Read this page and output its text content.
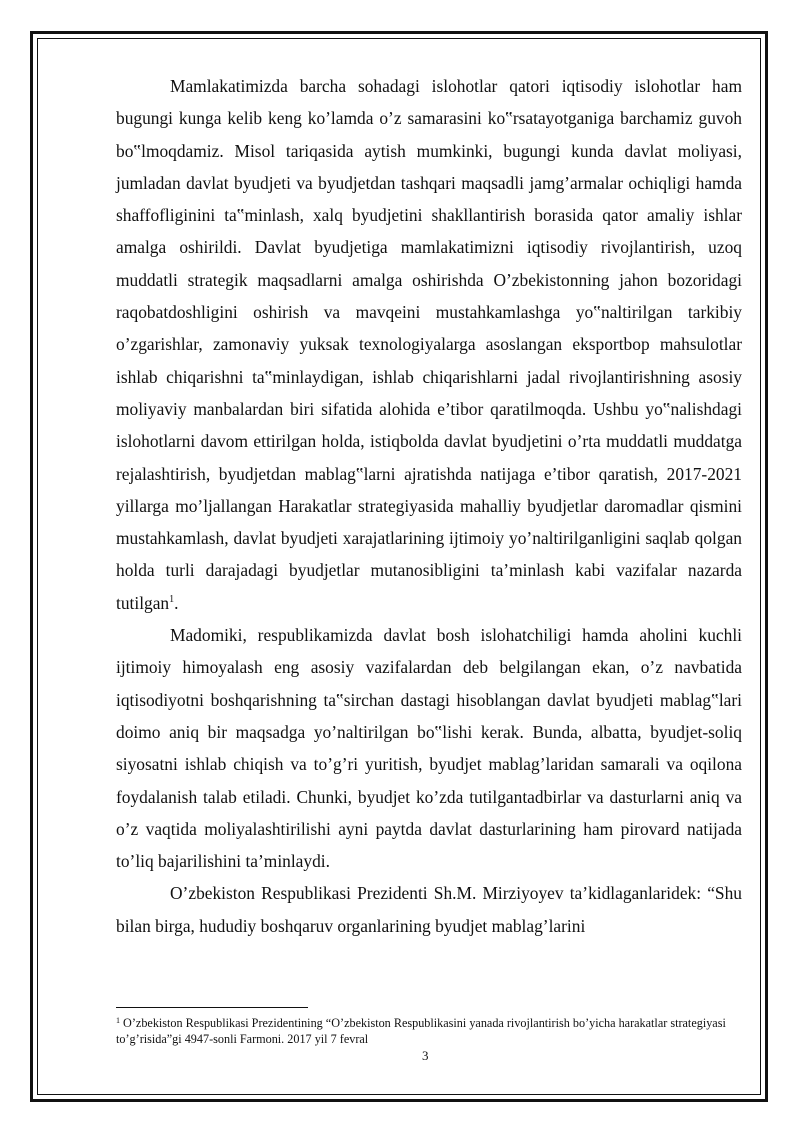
Mamlakatimizda barcha sohadagi islohotlar qatori iqtisodiy islohotlar ham bugungi kunga kelib keng ko’lamda o’z samarasini ko‟rsatayotganiga barchamiz guvoh bo‟lmoqdamiz. Misol tariqasida aytish mumkinki, bugungi kunda davlat moliyasi, jumladan davlat byudjeti va byudjetdan tashqari maqsadli jamg’armalar ochiqligi hamda shaffofliginini ta‟minlash, xalq byudjetini shakllantirish borasida qator amaliy ishlar amalga oshirildi. Davlat byudjetiga mamlakatimizni iqtisodiy rivojlantirish, uzoq muddatli strategik maqsadlarni amalga oshirishda O’zbekistonning jahon bozoridagi raqobatdoshligini oshirish va mavqeini mustahkamlashga yo‟naltirilgan tarkibiy o’zgarishlar, zamonaviy yuksak texnologiyalarga asoslangan eksportbop mahsulotlar ishlab chiqarishni ta‟minlaydigan, ishlab chiqarishlarni jadal rivojlantirishning asosiy moliyaviy manbalardan biri sifatida alohida e’tibor qaratilmoqda. Ushbu yo‟nalishdagi islohotlarni davom ettirilgan holda, istiqbolda davlat byudjetini o’rta muddatli muddatga rejalashtirish, byudjetdan mablag‟larni ajratishda natijaga e’tibor qaratish, 2017-2021 yillarga mo’ljallangan Harakatlar strategiyasida mahalliy byudjetlar daromadlar qismini mustahkamlash, davlat byudjeti xarajatlarining ijtimoiy yo’naltirilganligini saqlab qolgan holda turli darajadagi byudjetlar mutanosibligini ta’minlash kabi vazifalar nazarda tutilgan$^1$.

Madomiki, respublikamizda davlat bosh islohatchiligi hamda aholini kuchli ijtimoiy himoyalash eng asosiy vazifalardan deb belgilangan ekan, o’z navbatida iqtisodiyotni boshqarishning ta‟sirchan dastagi hisoblangan davlat byudjeti mablag‟lari doimo aniq bir maqsadga yo’naltirilgan bo‟lishi kerak. Bunda, albatta, byudjet-soliq siyosatni ishlab chiqish va to’g’ri yuritish, byudjet mablag’laridan samarali va oqilona foydalanish talab etiladi. Chunki, byudjet ko’zda tutilgantadbirlar va dasturlarni aniq va o’z vaqtida moliyalashtirilishi ayni paytda davlat dasturlarining ham pirovard natijada to’liq bajarilishini ta’minlaydi.

O’zbekiston Respublikasi Prezidenti Sh.M. Mirziyoyev ta’kidlaganlaridek: “Shu bilan birga, hududiy boshqaruv organlarining byudjet mablag’larini

$^1$ O’zbekiston Respublikasi Prezidentining “O’zbekiston Respublikasini yanada rivojlantirish bo’yicha harakatlar strategiyasi to’g’risida”gi 4947-sonli Farmoni. 2017 yil 7 fevral
3
